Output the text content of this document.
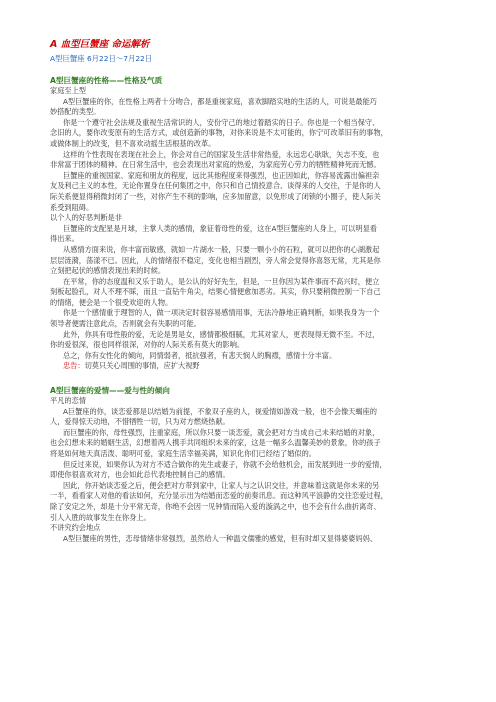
A 血型巨蟹座 命运解析

A型巨蟹座 6月22日～7月22日

A型巨蟹座的性格——性格及气质

家庭至上型

A型巨蟹座的你，在性格上两者十分吻合，都是重视家庭，喜欢脚踏实地的生活的人，可说是最能巧

妙搭配的类型。

你是一个遵守社会法规及重视生活常识的人，安份守己的地过着踏实的日子。你也是一个相当保守、

念旧的人，要你改变原有的生活方式，或创造新的事物，对你来说是不太可能的，你宁可改革旧有的事物，

或做体制上的改变，但不喜欢动摇生活根基的改革。

这样的个性表现在表现在社会上，你会对自己的国家及生活非常热爱，永远忠心耿耿，矢志不变，也

非常富于团体的精神。在日常生活中，也会表现出对家庭的热爱，为家庭劳心劳力的牺牲精神死而无憾。

巨蟹座的重视国家、家庭和朋友的程度，远比其他程度来得强烈，也正因如此，你容易流露出偏袒亲

友及利己主义的本性，无论你置身在任何集团之中，你只和自己情投意合、谈得来的人交往，于是你的人

际关系便显得稍微封闭了一些，对你产生不利的影响，应多加留意，以免形成了闭锁的小圈子，使人际关

系受到阻碍。

以个人的好恶判断是非

巨蟹座的支配星是月球，主掌人类的感情，象征着母性的爱，这在A型巨蟹座的人身上，可以明显看

得出来。

从感情方面来说，你丰富而敏感，就如一片湖水一般，只要一颗小小的石粒，就可以把你的心湖激起

层层涟漪，荡漾不已。因此，人的情绪很不稳定，变化也相当剧烈，旁人常会觉得你喜怒无常，尤其是你

立刻把起伏的感情表现出来的时候。

在平常，你的态度温和又乐于助人，是公认的好好先生，但是，一旦你因为某件事而不高兴时，便立

刻板起脸孔，对人不理不睬，而且一直钻牛角尖，结果心情便愈加恶劣。其实，你只要稍微控制一下自己

的情绪，便会是一个很受欢迎的人物。

你是一个感情重于理智的人，做一项决定时很容易感情用事，无法冷静地正确判断，如果我身为一个

领导者便需注意此点，否则就会有失职的可能。

此外，你具有母性般的爱，无论是男是女，感情都极细腻，尤其对家人，更表现得无微不至。不过，

你的爱很深，很也同样很深，对你的人际关系有莫大的影响。

总之，你有女性化的倾向，同情弱者，抵抗强者，有悲天悯人的胸襟，感情十分丰富。

忠告：切莫只关心周围的事情，应扩大视野

A型巨蟹座的爱情——爱与性的倾向

平凡的恋情

A巨蟹座的你，谈恋爱都是以结婚为前提，不象双子座的人，视爱情如游戏一般，也不会像天蝎座的

人，爱得惊天动地，不惜牺牲一切，只为对方燃烧热献。

而巨蟹座的你，母性强烈，注重家庭，所以你只要一谈恋爱，就会把对方当成自己未来结婚的对象，

也会幻想未来的婚姻生活，幻想着两人携手共同组织未来的家，这是一幅多么温馨美妙的景象，你的孩子

将是如何地天真活泼、聪明可爱，家庭生活幸福美满，知识化你们已经结了婚似的。

但反过来说，如果你认为对方不适合做你的先生或妻子，你就不会给他机会，而发展到进一步的爱情，

即使你很喜欢对方，也会如此总代表地控制自己的感情。

因此，你开始谈恋爱之后，便会把对方带到家中，让家人与之认识交往，并意味着这就是你未来的另

一半，看看家人对他的看法如何，充分显示出为结婚而恋爱的前奏讯息。而这种风平浪静的交往恋爱过程，

除了安定之外，却是十分平常无奇，你绝不会因一见钟情而陷入爱的漩涡之中，也不会有什么曲折离奇、

引人入胜的故事发生在你身上。

不讲究约会地点

A型巨蟹座的男性，恋母情绪非常强烈，虽然给人一种温文儒雅的感觉，但有时却又显得婆婆妈妈、
